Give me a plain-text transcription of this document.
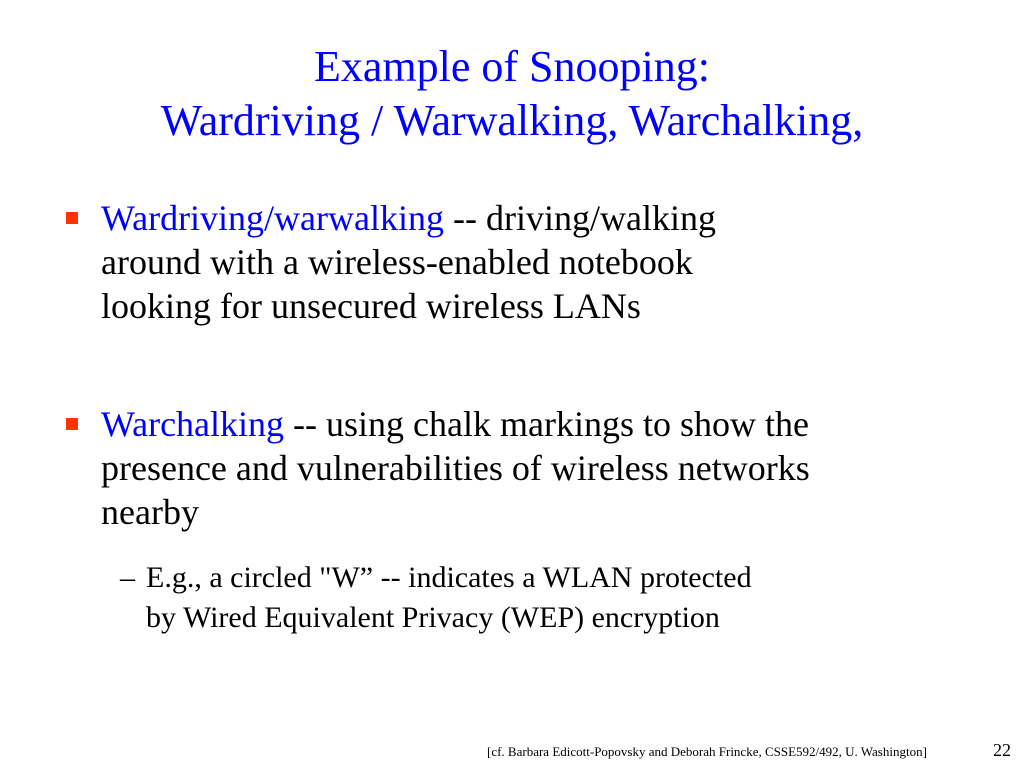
Example of Snooping:
Wardriving / Warwalking, Warchalking,
Wardriving/warwalking -- driving/walking
around with a wireless-enabled notebook
looking for unsecured wireless LANs
Warchalking -- using chalk markings to show the
presence and vulnerabilities of wireless networks
nearby
– E.g., a circled "W” -- indicates a WLAN protected
by Wired Equivalent Privacy (WEP) encryption
[cf. Barbara Edicott-Popovsky and Deborah Frincke, CSSE592/492, U. Washington]	22
